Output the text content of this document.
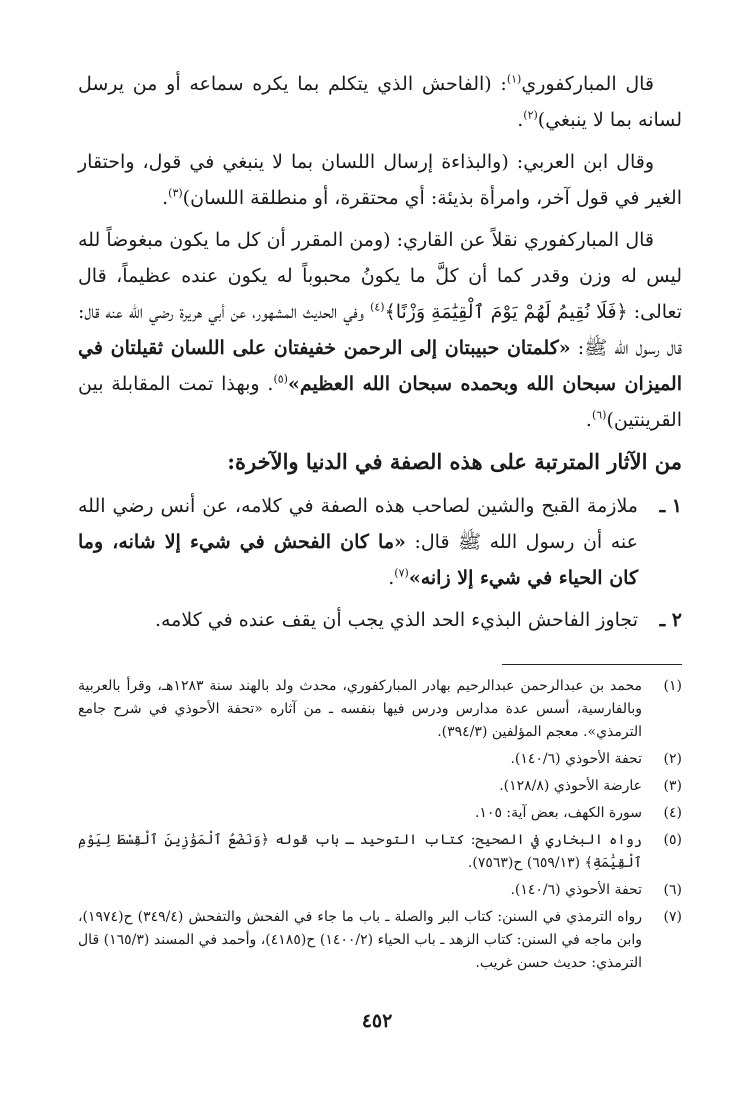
قال المباركفوري$^{(١)}$: (الفاحش الذي يتكلم بما يكره سماعه أو من يرسل لسانه بما لا ينبغي)$^{(٢)}$.

وقال ابن العربي: (والبذاءة إرسال اللسان بما لا ينبغي في قول، واحتقار الغير في قول آخر، وامرأة بذيئة: أي محتقرة، أو منطلقة اللسان)$^{(٣)}$.

قال المباركفوري نقلاً عن القاري: (ومن المقرر أن كل ما يكون مبغوضاً لله ليس له وزن وقدر كما أن كلَّ ما يكونُ محبوباً له يكون عنده عظيماً، قال تعالى: ﴿فَلَا نُقِيمُ لَهُمْ يَوْمَ ٱلْقِيَٰمَةِ وَزْنًا﴾$^{(٤)}$ وفي الحديث المشهور، عن أبي هريرة رضي الله عنه قال: قال رسول الله ﷺ: «كلمتان حبيبتان إلى الرحمن خفيفتان على اللسان ثقيلتان في الميزان سبحان الله وبحمده سبحان الله العظيم»$^{(٥)}$. وبهذا تمت المقابلة بين القرينتين)$^{(٦)}$.

من الآثار المترتبة على هذه الصفة في الدنيا والآخرة:
١ ـ
ملازمة القبح والشين لصاحب هذه الصفة في كلامه، عن أنس رضي الله عنه أن رسول الله ﷺ قال: «ما كان الفحش في شيء إلا شانه، وما كان الحياء في شيء إلا زانه»$^{(٧)}$.
٢ ـ
تجاوز الفاحش البذيء الحد الذي يجب أن يقف عنده في كلامه.
(١)
محمد بن عبدالرحمن عبدالرحيم بهادر المباركفوري، محدث ولد بالهند سنة ١٢٨٣هـ، وقرأ بالعربية وبالفارسية، أسس عدة مدارس ودرس فيها بنفسه ـ من آثاره «تحفة الأحوذي في شرح جامع الترمذي». معجم المؤلفين (٣٩٤/٣).
(٢)
تحفة الأحوذي (١٤٠/٦).
(٣)
عارضة الأحوذي (١٢٨/٨).
(٤)
سورة الكهف، بعض آية: ١٠٥.
(٥)
رواه البخاري في الصحيح: كتاب التوحيد ـ باب قوله ﴿وَنَضَعُ ٱلْمَوَٰزِينَ ٱلْقِسْطَ لِيَوْمِ ٱلْقِيَٰمَةِ﴾ (٦٥٩/١٣) ح(٧٥٦٣).
(٦)
تحفة الأحوذي (١٤٠/٦).
(٧)
رواه الترمذي في السنن: كتاب البر والصلة ـ باب ما جاء في الفحش والتفحش (٣٤٩/٤) ح(١٩٧٤)، وابن ماجه في السنن: كتاب الزهد ـ باب الحياء (١٤٠٠/٢) ح(٤١٨٥)، وأحمد في المسند (١٦٥/٣) قال الترمذي: حديث حسن غريب.
٤٥٢
